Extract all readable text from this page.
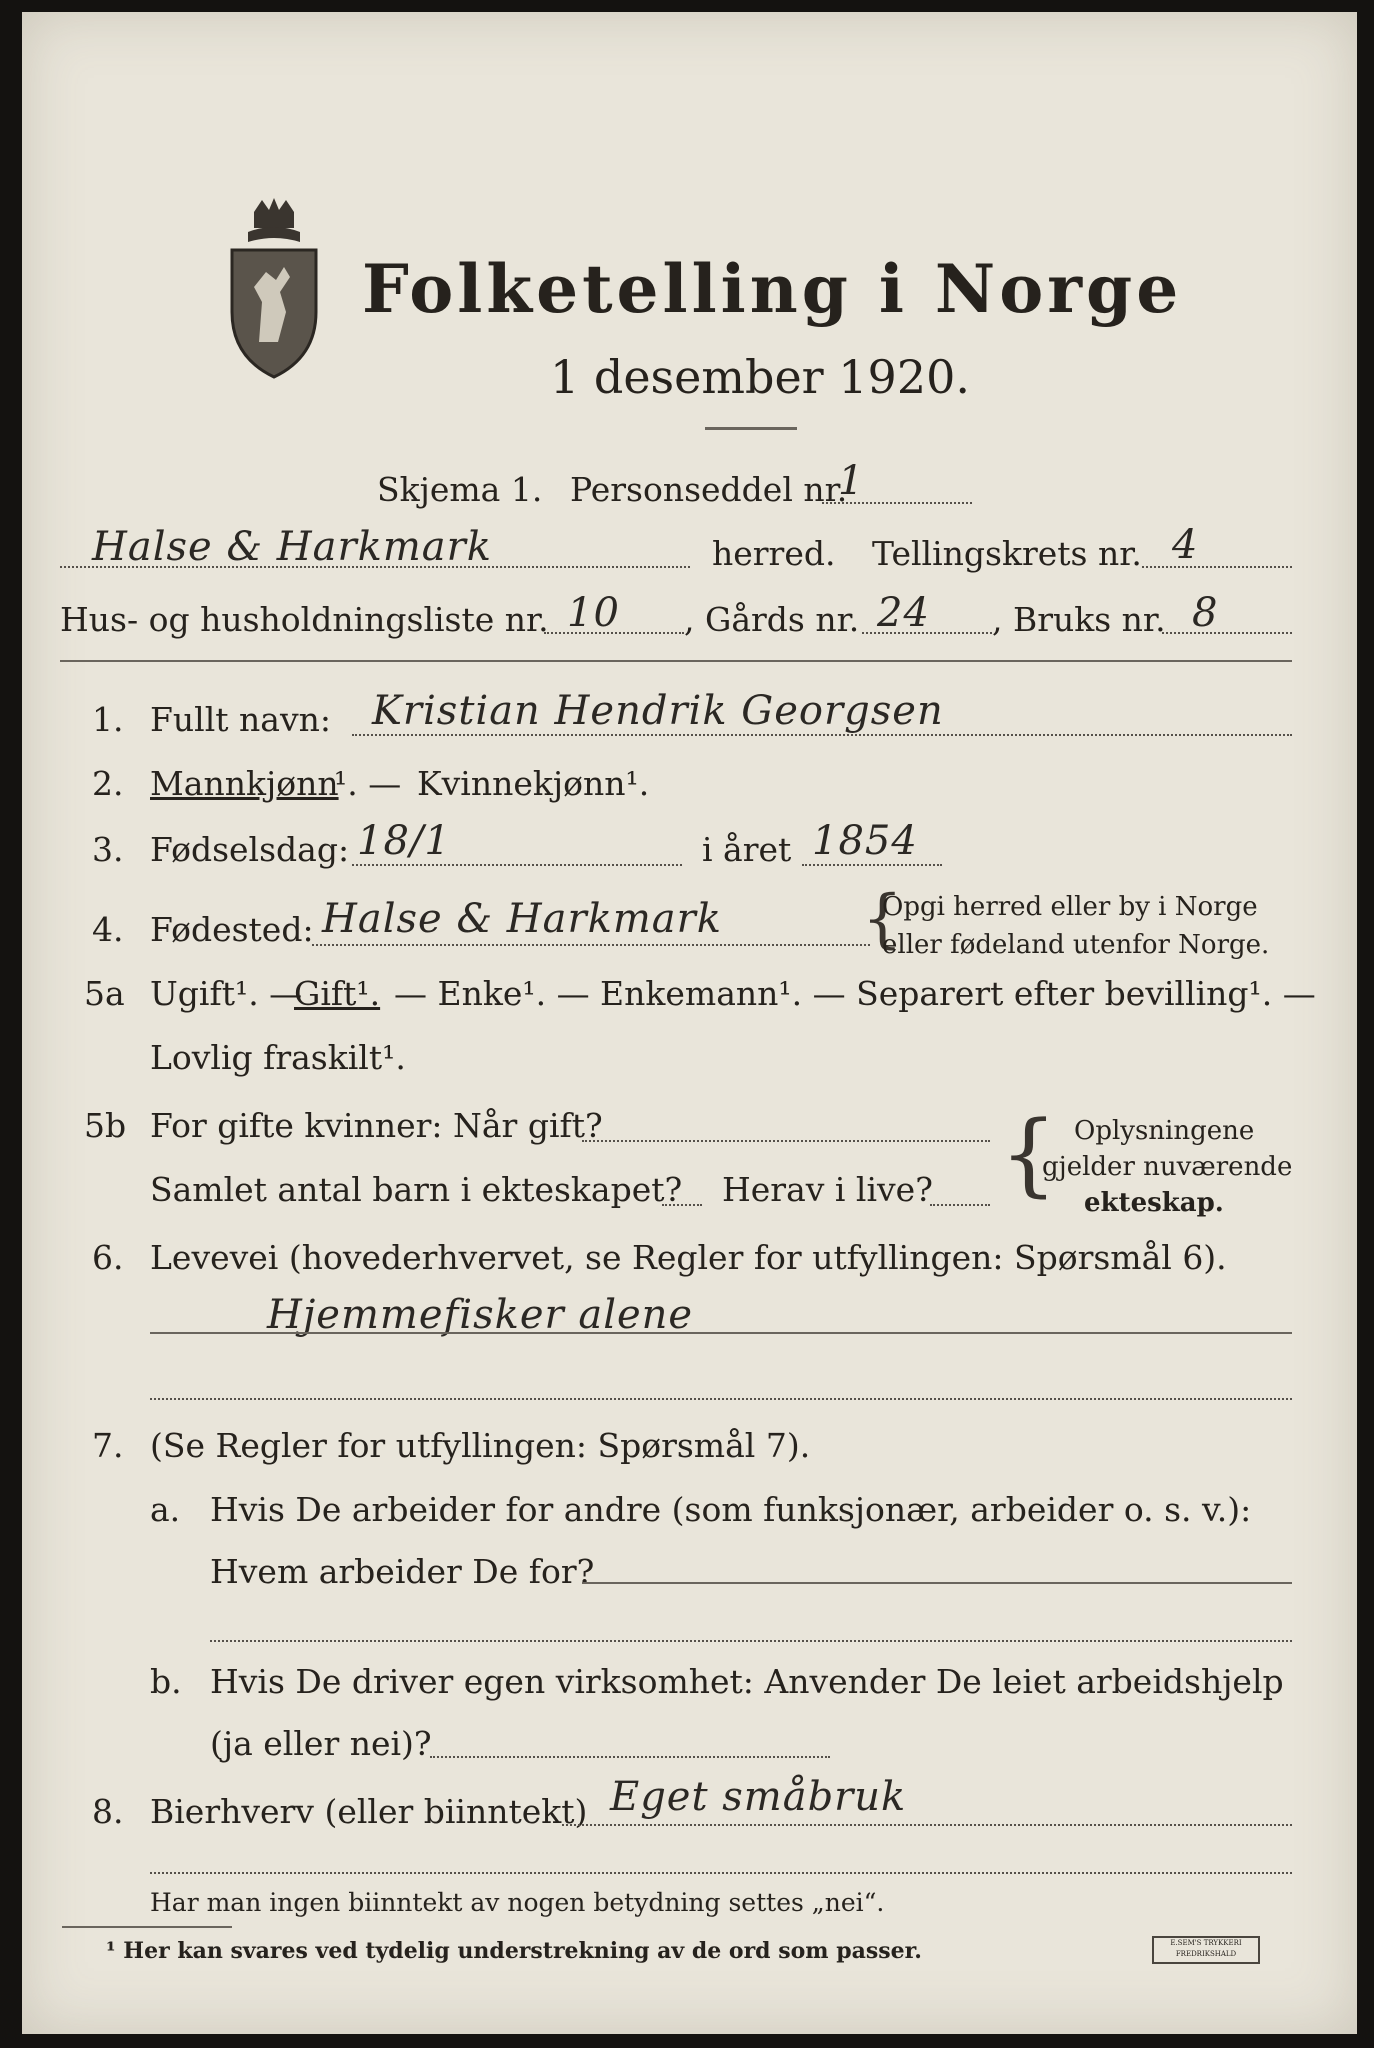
Folketelling i Norge
1 desember 1920.
Skjema 1. Personseddel nr.
1
Halse & Harkmark	herred. Tellingskrets nr. 4
Hus- og husholdningsliste nr. 10 , Gårds nr. 24 , Bruks nr. 8
1. Fullt navn: Kristian Hendrik Georgsen
2. Mannkjønn
¹. — Kvinnekjønn¹.
3. Fødselsdag: 18/1	i året 1854
4. Fødested: Halse & Harkmark {
Opgi herred eller by i Norge
eller fødeland utenfor Norge.
5a Ugift¹. —
Gift¹. — Enke¹. — Enkemann¹. — Separert efter bevilling¹. —
Lovlig fraskilt¹.
5b For gifte kvinner: Når gift?
Samlet antal barn i ekteskapet? Herav i live? { Oplysningene
gjelder nuværende
ekteskap.
6. Levevei (hovederhvervet, se Regler for utfyllingen: Spørsmål 6).
Hjemmefisker alene
7. (Se Regler for utfyllingen: Spørsmål 7).
a. Hvis De arbeider for andre (som funksjonær, arbeider o. s. v.):
Hvem arbeider De for?
b. Hvis De driver egen virksomhet: Anvender De leiet arbeidshjelp
(ja eller nei)?
8. Bierhverv (eller biinntekt) Eget småbruk
Har man ingen biinntekt av nogen betydning settes „nei“.
¹ Her kan svares ved tydelig understrekning av de ord som passer.	E.SEM'S TRYKKERI FREDRIKSHALD
